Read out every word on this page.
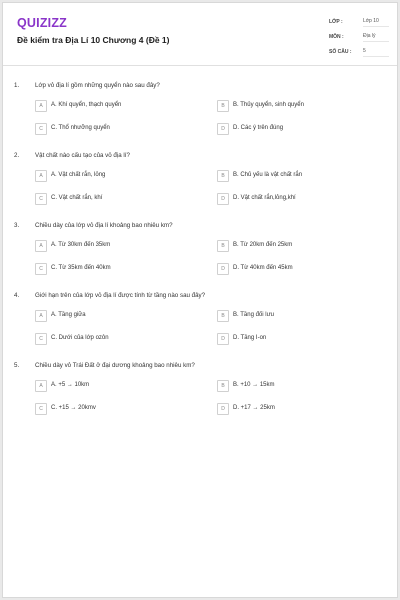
QUIZIZZ
Đề kiểm tra Địa Lí 10 Chương 4 (Đề 1)
LỚP :	Lớp 10
MÔN :	Địa lý
SỐ CÂU : 5
1.	Lớp vỏ địa lí gồm những quyển nào sau đây?
A	A. Khí quyển, thạch quyển	B	B. Thủy quyển, sinh quyển
C	C. Thổ nhưỡng quyển	D	D. Các ý trên đúng
2.	Vật chất nào cấu tạo của vỏ địa lí?
A	A. Vật chất rắn, lỏng	B	B. Chủ yếu là vật chất rắn
C	C. Vật chất rắn, khí	D	D. Vật chất rắn,lỏng,khí
3.	Chiều dày của lớp vỏ địa lí khoảng bao nhiêu km?
A	A. Từ 30km đến 35km	B	B. Từ 20km đến 25km
C	C. Từ 35km đến 40km	D	D. Từ 40km đến 45km
4.	Giới hạn trên của lớp vỏ địa lí được tính từ tầng nào sau đây?
A	A. Tầng giữa	B	B. Tầng đối lưu
C	C. Dưới của lớp ozôn	D	D. Tầng I-on
5.	Chiều dày vỏ Trái Đất ở đại dương khoảng bao nhiêu km?
A	A. +5 → 10km	B	B. +10 → 15km
C	C. +15 → 20kmv	D	D. +17 → 25km
